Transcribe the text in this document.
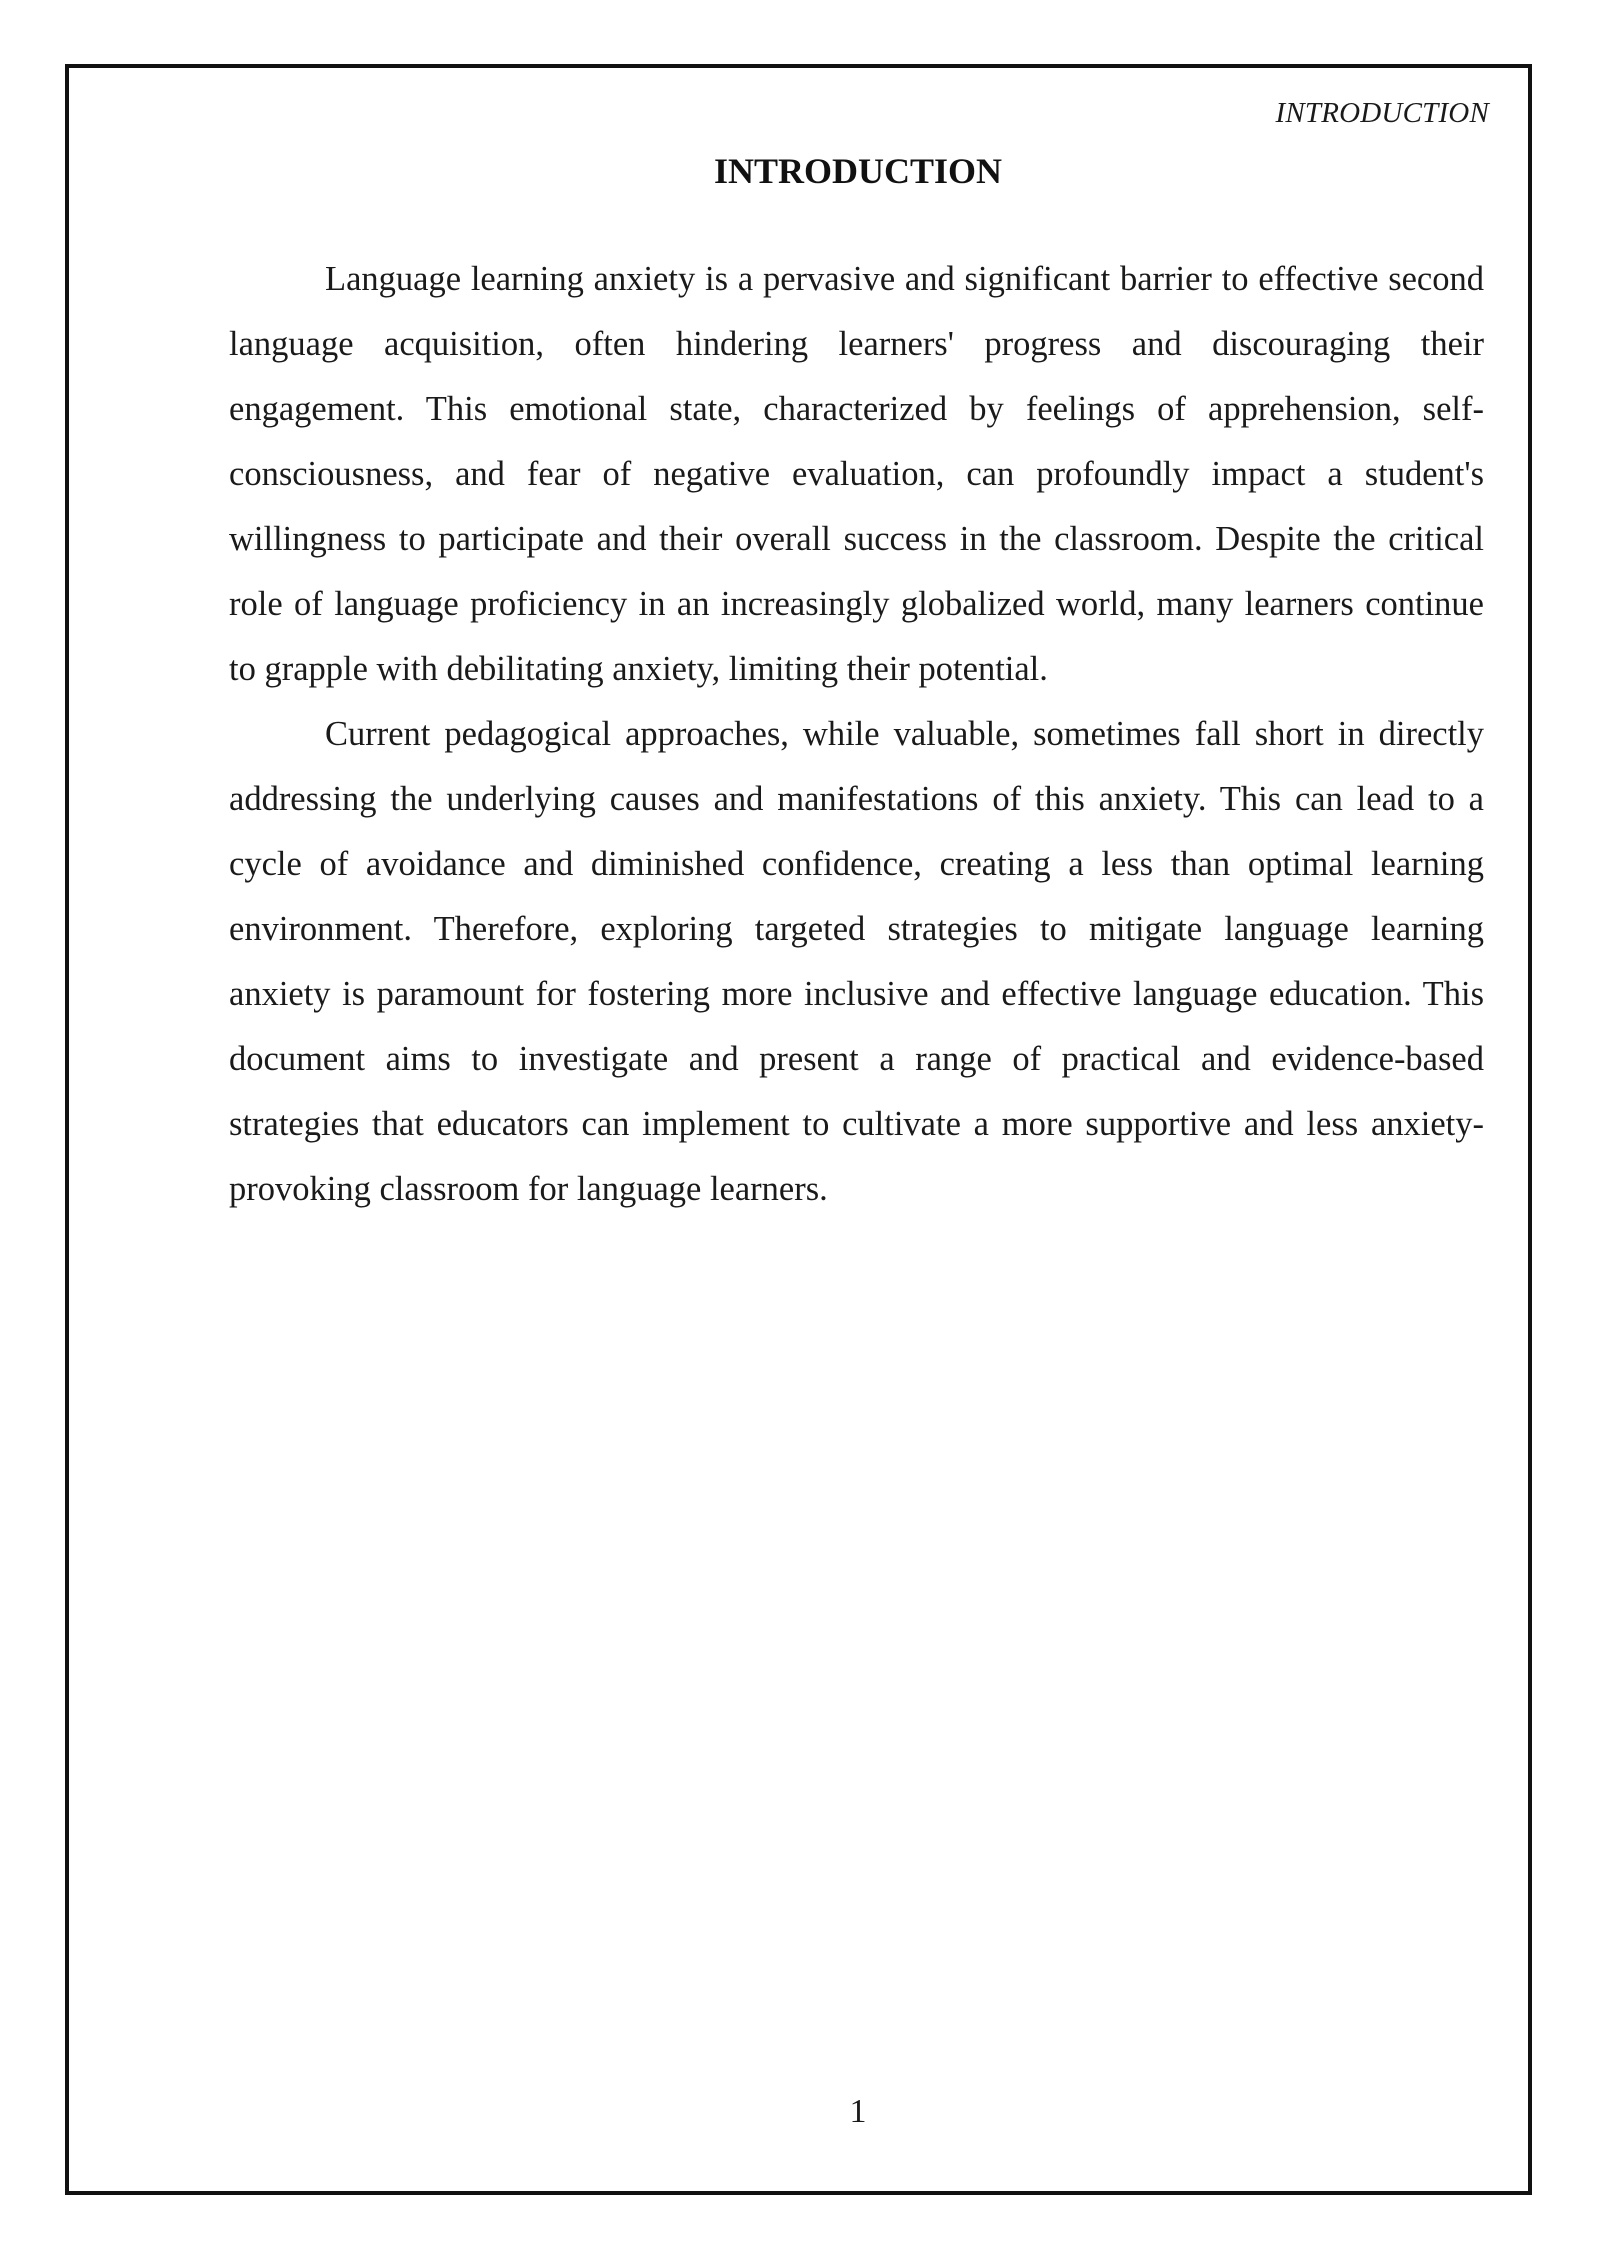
INTRODUCTION
INTRODUCTION

Language learning anxiety is a pervasive and significant barrier to effective second language acquisition, often hindering learners' progress and discouraging their engagement. This emotional state, characterized by feelings of apprehension, self-consciousness, and fear of negative evaluation, can profoundly impact a student's willingness to participate and their overall success in the classroom. Despite the critical role of language proficiency in an increasingly globalized world, many learners continue to grapple with debilitating anxiety, limiting their potential.

Current pedagogical approaches, while valuable, sometimes fall short in directly addressing the underlying causes and manifestations of this anxiety. This can lead to a cycle of avoidance and diminished confidence, creating a less than optimal learning environment. Therefore, exploring targeted strategies to mitigate language learning anxiety is paramount for fostering more inclusive and effective language education. This document aims to investigate and present a range of practical and evidence-based strategies that educators can implement to cultivate a more supportive and less anxiety-provoking classroom for language learners.

1
